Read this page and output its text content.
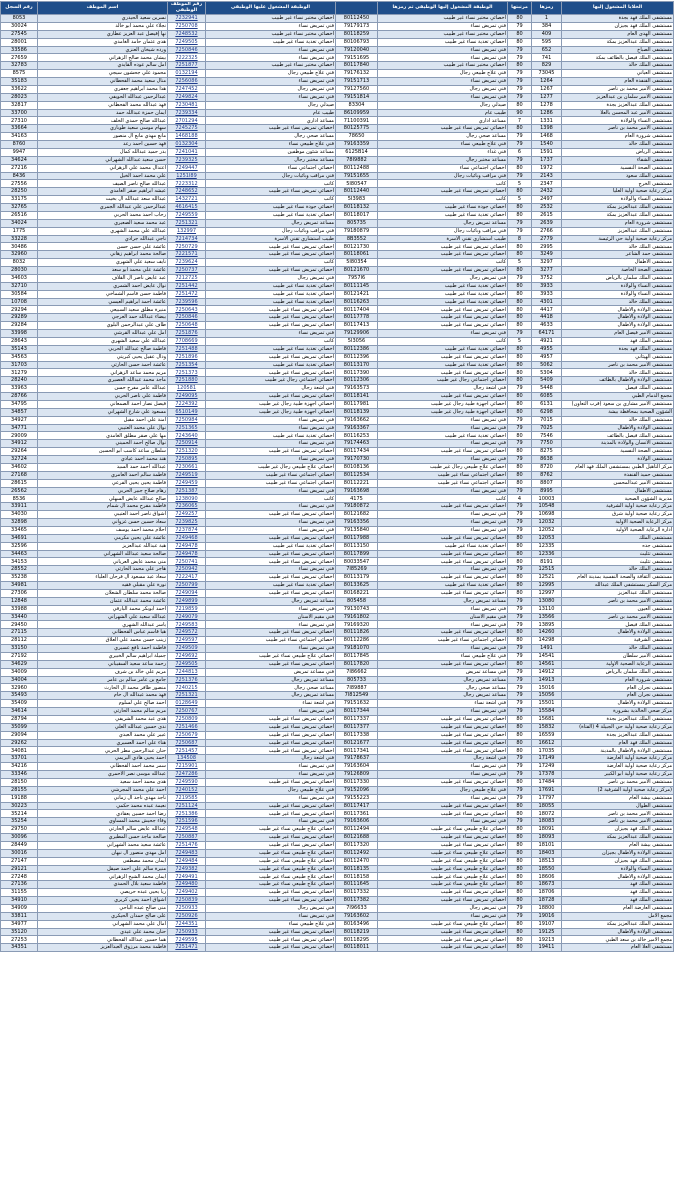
الخلايا المشغول إليها	رمزها	مرتبتها	الوظيفة المشغول إليها الوظيفي ثم رمزها		الوظيفة المشغول عليها الوظيفي	رقم الموظف الوظيفي	اسم الموظف	رقم السجل
مستشفى الملك فهد بجدة	1	80	اخصائي مختبر نساء غير طبيب	80112450	اخصائي مختبر نساء غير طبيب	7232941	نسرين سعيد الحيدري	8053
مستشفى الملك فهد بجيزان	384	79	فني تمريض نساء	79179173	فني تمريض نساء	7250708	نجلاء علي محمد ابو خالد	30024
مستشفى الهدى العام	409	80	اخصائي مختبر نساء غير طبيب	80118259	اخصائي مختبر نساء غير طبيب	7248532	نها إفيصل عبد العزيز عطاري	27545
مستشفى الملك عبدالعزيز بمكة	595	80	اخصائي تغذية نساء غير طبيب	80106793	اخصائي تغذية نساء غير طبيب	7249505	هدى عثمان حامد الغامدي	28001
مستشفى الصباخ	652	79	فني تمريض نساء	79120040	فني تمريض نساء	7250846	ورده شيخان العنزي	33586
مستشفى الملك فيصل بالطائف بمكة	741	79	فني تمريض نساء	79151695	فني تمريض نساء	7222325	بيشان محمد صالح الزهراني	27659
مستشفى الملك خالد	829	80	اخصائي مختبر نساء غير طبيب	80117840	اخصائي مختبر نساء غير طبيب	7251877	امل سالم عوده القايدي	32783
مستشفى العياني	73045	79	فني علاج طبيعي رجال	79176132	فني علاج طبيعي رجال	0132194	محمود علي جحشون سيجي	8575
مستشفى القنفذة العام	1264	79	فني تمريض نساء	79151713	فني تمريض نساء	7256086	منال سعيد محمد الفحطاني	35183
مستشفى الامير محمد بن ناصر	1267	79	فني تمريض رجال	79127560	فني تمريض رجال	7247452	هذا محمد ابراهيم جعفري	33622
مستشفى الامير سلمان بن عبدالعزيز	1277	79	فني تمريض نساء	79151814	فني تمريض نساء	7249824	عبدالرحمن عبدالله الحويفي	28023
مستشفى الملك عبدالعزيز بجدة	1278	80	صيدلي رجال	83304	صيدلي رجال	7230481	فهد عبدالله محمد الفحطاني	32817
مستشفى الأمير عبد المحسن بالعلا	1286	90	طبيب عام	86109959	طبيب عام	7239334	ايمان حمزة عبدالله حمد	33700
مستشفى النساء والولادة	1331	7	مساعد اداري	71100391	مساعد اداري	2701294	عبدالله صالح حمدي الخلف	27310
مستشفى الامير محمد بن ناصر	1398	80	اخصائي تمريض نساء غير طبيب	80125775	اخصائي تمريض نساء غير طبيب	7245275	سهام موسى سعيد طوباري	33664
مستشفى شرورة العام	1468	79	مساعد صحي رجال	78650	مساعد صحي رجال	1468188	مانع مهدي مانع ال منصور	34163
مستشفى الملك خالد	1540	79	فني علاج طبيعي نساء	79163359	فني علاج طبيعي نساء	0132304	فهد حسين احمد رعد	8760
مستشفى الرياض	1591	6	فني غذاء	6125B14	مساعد شئون موظفين	7241041	بدر حميد عبدالله كمال	9947
مستشفى الشفاء	1737	79	مساعد مختبر رجال	78I9882	مساعد مختبر رجال	7239325	حسن سعيد عبدالله الشهراني	34624
مستشفى الصحة النفسية	1972	80	اخصائي اجتماعي نساء	80112488	اخصائي اجتماعي نساء	7249447	اعتدال محمد علي الزهراني	27216
مستشفى الملك سعود	2143	79	فني مراقب وبائيات رجال	79151655	فني مراقب وبائيات رجال	1251I89	علي محمد احمد الخيل	8436
مستشفى الخرج	2347	5	كاتب	5I80547	كاتب	7223312	عبدالله صالح ناصر الصيف	27556
مركز رعاية صحية أولية العليا	2432	80	اخصائي تمريض نساء غير طبيب	80112440	اخصائي تمريض نساء غير طبيب	7248652	عيشه ابراهيم صقر الغامدي	28250
مستشفى النساء والولادة	2497	5	كاتب	5I3983	كاتب	1432721	عبدالله سعد عبدالله ال بخيت	33175
مستشفى الملك عبدالعزيز بمكة	2532	80	اخصائي جودة نساء غير طبيب	80118132	اخصائي جودة نساء غير طبيب	4616415	عبدالرحمن علي عبدالله الجمري	32765
مستشفى الملك عبدالعزيز بمكة	2615	80	اخصائي تغذية نساء غير طبيب	80118017	اخصائي تغذية نساء غير طبيب	7249559	رحاب احمد محمد الحربي	26516
مستشفى شرورة العام	2639	79	مساعد تمريض رجال	805735	مساعد تمريض رجال	7251321	عبد محمد سعيد الصعيري	34024
مستشفى الملك عبدالعزيز	2766	79	فني مراقب وبائيات رجال	79180879	فني مراقب وبائيات رجال	132997	عبدالله علي محمد الشهري	1775
مركز رعاية صحية اولية حي الرئيسة	2779	8	طبيب استشاري تقني الاسرة	8B3552	طبيب استشاري تقني الاسرة	7214734	ناجي عبدالله جرادي	33228
مستشفى الملك خالد	2995	80	اخصائي تمريض نساء غير طبيب	80121730	اخصائي تمريض نساء غير طبيب	7250729	عائشة علي حسن حسن	30486
مستشفى حمد الشاعر	3249	80	اخصائي تمريض نساء غير طبيب	80118061	اخصائي تمريض نساء غير طبيب	7221571	صالحة محمد ابراهيم زهاني	32960
مستشفى الاطفال	3297	5	كاتب	5I80354	كاتب	7239624	نايف سعيد علي الشهري	8032
مستشفى الصحة الخاصة	3277	80	اخصائي تمريض نساء غير طبيب	80121670	اخصائي تمريض نساء غير طبيب	7250737	عائشة علي محمد ابو سعد	28030
مستشفى الملك سلمان بالرياض	3752	79	فني تمريض رجال	7957I6	فني تمريض رجال	7212725	عبد عايض ناصر ال القلاف	34603
مستشفى النساء والولادة	3933	80	اخصائي تغذية نساء غير طبيب	80111145	اخصائي تغذية نساء غير طبيب	7251442	نوال عايض احمد الشمري	32710
مستشفى النساء والولادة	3933	80	اخصائي تغذية نساء غير طبيب	80121421	اخصائي تغذية نساء غير طبيب	7251472	فاطمة حسن قاسم الشماخي	30584
مستشفى الملك خالد	4301	80	اخصائي تغذية نساء غير طبيب	80116263	اخصائي تغذية نساء غير طبيب	7239596	عائشة احمد ابراهيم العيسي	10708
مستشفى الولادة والاطفال	4417	80	اخصائي تمريض نساء غير طبيب	80117404	اخصائي تمريض نساء غير طبيب	7250643	منيرة مطلق سعيد السبيعي	29294
مستشفى الولادة والاطفال	4418	80	اخصائي تمريض نساء غير طبيب	80117778	اخصائي تمريض نساء غير طبيب	7250846	بيضاء عبدالله حمد العرجي	29289
مستشفى الولادة والاطفال	4633	80	اخصائي تمريض نساء غير طبيب	80117413	اخصائي تمريض نساء غير طبيب	7250648	طاف علي عبدالرحمن البلوي	29284
مستشفى الامير فيصل العام	64171	79	فني تمريض نساء	79129906	فني تمريض نساء	7251876	امل علي عبدالله القرشي	33998
مستشفى الملك فهد	4921	5	كاتب	5I3056	كاتب	7708669	عبدالله علي سعيد الشهري	28643
مستشفى الملك فهد بجدة	4955	80	اخصائي تغذية نساء غير طبيب	80112386	اخصائي تغذية نساء غير طبيب	7251488	فاطمة صالح عبدالله الحربي	35143
مستشفى الهيئاني	4957	80	اخصائي تمريض نساء غير طبيب	80112396	اخصائي تمريض نساء غير طبيب	7251896	ودال عقيل يحيى كبريتي	34563
مستشفى الامير محمد بن ناصر	5062	80	اخصائي تغذية نساء غير طبيب	80113170	اخصائي تغذية نساء غير طبيب	7251354	عائشة احمد حسن الحارثي	31703
مستشفى الملك خالد	5304	80	اخصائي تمريض نساء غير طبيب	80117390	اخصائي تمريض نساء غير طبيب	7251373	مريم محمد ساعد الزهراني	31279
مستشفى الولادة والاطفال بالطائف	5409	80	اخصائي اجتماعي رجال غير طبيب	80112306	اخصائي اجتماعي رجال غير طبيب	7251880	ماجد محمد عبدالله العصيري	28240
مستشفى الملك فيصل	5448	79	فني اشعة رجال	79163573	فني اشعة رجال	120581	عبدالله عامر مفرح حسن	33963
مجمع الدمام الطبي	6085	80	اخصائي تمريض نساء غير طبيب	80118141	اخصائي تمريض نساء غير طبيب	7249095	فاطمة علي ناصر الحربي	28766
مستشفى الامير مشاري بن سعود (قرب التعاون)	6131	80	اخصائي اجهزة طبية رجال غير طبيب	80117981	اخصائي اجهزة طبية رجال غير طبيب	7224392	فيصل نصار احمد الصمعاني	34795
الشؤون الصحية بمحافظة بيشة	6298	80	اخصائي اجهزة طبية رجال غير طبيب	80118139	اخصائي اجهزة طبية رجال غير طبيب	6510149	مسعود علي شارع الشهراني	34857
مستشفى الملك خالد	7015	79	فني تمريض نساء	79163662	فني تمريض نساء	7250984	امنة علي احمد مقبل	34927
مستشفى الولادة والاطفال	7025	79	فني تمريض نساء	79163367	فني تمريض نساء	7251365	نوال علي محمد العتيبي	34771
مستشفى الملك فيصل بالطائف	7546	80	اخصائي تغذية نساء غير طبيب	80116253	اخصائي تغذية نساء غير طبيب	7243640	مها علي صقر مطلق الغامدي	29009
مستشفى الانسان والولادة بالمدينة	7750	79	فني تمريض نساء	79174463	فني تمريض نساء	7250914	نوال صالح احمد الحميني	34912
مستشفى الصحة النفسية	8275	80	اخصائي تمريض نساء غير طبيب	80117434	اخصائي تمريض نساء غير طبيب	7251320	سلطان ساعد كاسب ابو الحسين	29264
مستشفى الولادة	8638	79	فني تمريض نساء	79170730	فني تمريض نساء	7250895	هند محمد احمد عيادي	32724
مركز التاهيل الطبي بمستشفى الملك فهد العام	8720	80	اخصائي علاج طبيعي رجال غير طبيب	80108136	اخصائي علاج طبيعي رجال غير طبيب	7230661	عبدالله احمد حمد السيد	34602
مستشفى حميد القنفذة	8762	80	اخصائي اجتماعي نساء غير طبيب	80112534	اخصائي اجتماعي نساء غير طبيب	7249519	فاطمة سالم احمد العامري	27168
مستشفى الامير عبدالمحسن	8807	80	اخصائي اجتماعي نساء غير طبيب	80112221	اخصائي اجتماعي نساء غير طبيب	7249459	فاطمة يحيى يحيى الفرعي	28615
مستشفى الاطفال	8995	79	فني تمريض نساء	79163698	فني تمريض نساء	7251387	رهام صلاح جبير الحربي	26562
مديرية الشؤون الصحية	10003	4	كاتب	4175	كاتب	1238090	صالح عبدالله عايض السهلي	8536
مركز رعاية صحية اولية الشرفية	10548	79	اخصائي تمريض نساء غير طبيب	79180872	فني تمريض نساء	7236065	فاطمة مفرح محمد ال شمام	33911
مركز رعاية صحية اولية شرق	10698	79	فني تمريض نساء	80121682	اخصائي تمريض نساء غير طبيب	7249257	اشواق ناصر احمد العتيبي	34030
مركز الرعاية الصحية الاولية	12032	79	فني تمريض نساء	79163356	فني تمريض نساء	7239825	سعاد حسين حسن غزواني	32898
ادارة الرعاية الصحية الاولية	12052	79	فني تمريض نساء	79135840	فني تمريض نساء	7237874	احلام محمد احمد يوسف	33465
مستشفى الملك	12053	80	اخصائي تمريض نساء غير طبيب	80117988	اخصائي تمريض نساء غير طبيب	7249468	عائشة علي يحيى مكرمي	34691
مستشفى جده	12335	80	اخصائي تغذية نساء غير طبيب	80113150	اخصائي تغذية نساء غير طبيب	7249478	هبة عبدالله عبدالعزيز	32596
مستشفى تثليث	12336	80	اخصائي تمريض نساء غير طبيب	80117899	اخصائي تمريض نساء غير طبيب	7249478	صالحة سعيد عبدالله الشهراني	34463
مستشفى تثليث	8191	80	اخصائي تمريض نساء غير طبيب	80033547	اخصائي تمريض نساء غير طبيب	7250741	منى محمد عايض العرياني	34153
مستشفى الملك خالد	12515	79	فني تمريض نساء	7I85269	فني تمريض نساء	7250942	هاجر علي محمد الحارثي	28552
مستشفى الثقافة والصحة النفسية بمدينة العام	12521	80	اخصائي تمريض نساء غير طبيب	80113179	اخصائي تمريض نساء غير طبيب	7222417	سعاد عبد مسعود ال فرحان العلياء	35238
مركز السكر بمستشفى الملك عبدالله	12995	80	اخصائي تغذية نساء غير طبيب	80133625	اخصائي تغذية نساء غير طبيب	7250799	نورة علي مقبلي فقيه	34981
مستشفى الملك عبدالعزيز	12997	80	اخصائي تمريض نساء غير طبيب	80168221	اخصائي تمريض نساء غير طبيب	7249094	صالحة محمد سلطان الشعلان	27306
مستشفى الامير محمد بن ناصر	13080	79	مساعد تمريض رجال	805458	مساعد تمريض رجال	7249899	عائشة محمد عبدالله عثمان	12848
مستشفى العيون	13110	79	فني تمريض نساء	79130743	فني تمريض نساء	7219859	احمد ابوبكر محمد البارقي	33988
مستشفى الامير محمد بن ناصر	13566	79	فني مقيم الاسنان	79161802	فني مقيم الاسنان	7249079	عبدالله سعيد علي الشهراني	33440
مستشفى الملك فيصل	13895	79	فني تمريض نساء	79169320	فني تمريض نساء	7249583	ياسر عبدالله الشهري	29450
مستشفى الولادة والاطفال	14260	80	اخصائي تمريض نساء غير طبيب	80111826	اخصائي تمريض نساء غير طبيب	7249572	هيا قاسم عباس القحطاني	27115
مستشفى الشرقية	14298	80	اخصائي اجتماعي نساء غير طبيب	80112286	اخصائي اجتماعي نساء غير طبيب	7249597	زينب حسن محمد علي العلاق	28112
مستشفى الملك خالد	1491	79	فني تمريض نساء	79181070	فني تمريض نساء	7249509	فاطمة احمد نافع عسيري	33150
مستشفى الامير سلطان	14541	79	فني علاج طبيعي نساء	80117845	اخصائي علاج طبيعي نساء غير طبيب	7249692	جميلة ابراهيم سالم الخبيري	27192
مستشفى الرعاية الصحية الاولية	14561	80	اخصائي تمريض نساء غير طبيب	80117820	اخصائي تمريض نساء غير طبيب	7249505	رحمة ساعد سعيد السقيباني	34629
مستشفى الملك سلمان بالرياض	14912	79	فني مساعد تمريض	7I86662	فني مساعد تمريض	7244813	مريم علي خالد بن شرف	34009
مستشفى شرورة العام	14913	79	مساعد تمريض رجال	805733	مساعد تمريض رجال	7251376	جامع بن عامر سالم بن عامر	34004
مستشفى نجران العام	15016	79	مساعد صحي رجال	7I89887	مساعد صحي رجال	7240215	منصور ظافر محمد ال الحارث	32960
مستشفى نجران العام	15056	79	مساعد تمريض رجال	7I812549	مساعد تمريض رجال	7251321	فهد محمد عبدالله آل حام	35493
مستشفى الولادة والاطفال	15501	79	فني أشعة نساء	79151632	فني أشعة نساء	0128649	احمد صالح علي لسلوم	35409
مركز صحي الخالدية بشرورة	15584	79	فني تمريض نساء	80117344	فني تمريض نساء	7250767	مريم سالم محمد الحارثي	34614
مستشفى الملك عبدالعزيز بجدة	15681	80	اخصائي تمريض نساء غير طبيب	80117337	اخصائي تمريض نساء غير طبيب	7250809	هدى عبد محمد الشريفي	28794
مركز رعاية صحية اولية حي الجبيلة 4 (الفتاة)	15832	80	اخصائي تمريض نساء غير طبيب	80117377	اخصائي تمريض نساء غير طبيب	7251466	ندى حسين عبدالله العلي	35099
مستشفى الملك عبدالعزيز بجدة	16559	80	اخصائي تمريض نساء غير طبيب	80117338	اخصائي تمريض نساء غير طبيب	7250679	عبير علي محمد العبدي	29094
مستشفى الملك فهد العام	16612	80	اخصائي تمريض نساء غير طبيب	80121677	اخصائي تمريض نساء غير طبيب	7250687	هناء علي احمد العسيري	29262
مستشفى الولادة والاطفال بالمدينة	17035	80	اخصائي تمريض نساء غير طبيب	80117341	اخصائي تمريض نساء غير طبيب	7251457	حنان عبدالرحمن مطر الحربي	34081
مركز رعاية صحية اولية العارضة	17149	79	فني اشعة رجال	79178637	فني اشعة رجال	134508	احمد يحيى هادي اليريمي	33701
مركز رعاية صحية اولية العارضة	17249	79	فني تمريض نساء	79163604	فني تمريض نساء	7215901	سمر محمد احمد القحطاني	34216
مركز رعاية صحية اولية ابو الكبير	17378	79	فني تمريض نساء	79126809	فني تمريض نساء	7247286	عبدالله موسى نصر الاحمري	33346
مستشفى الامير محمد بن ناصر	17484	80	اخصائي تمريض نساء غير طبيب	80117330	اخصائي تمريض نساء غير طبيب	7249590	هدى محمد احمد سعيد	28150
(مركز رعاية صحية اولية الشرفية 2)	17691	79	فني علاج طبيعي رجال	79152096	فني علاج طبيعي رجال	7240152	احمد علي محمد المجرشي	28155
مستشفى بيشة العام	17797	79	فني تمريض نساء	79155223	فني تمريض نساء	7219585	ناجد مهدي ناجد ال زماني	19188
مستشفى الطوال	18055	80	اخصائي تمريض نساء غير طبيب	80117417	اخصائي تمريض نساء غير طبيب	7251124	نعيمة عبده محمد حكمي	30223
مستشفى الامير محمد بن ناصر	18072	80	اخصائي تمريض نساء غير طبيب	80117361	اخصائي تمريض نساء غير طبيب	7251386	رضا احمد حسين يعقادي	35214
مستشفى الامير محمد بن ناصر	18083	79	فني تمريض نساء	79163606	فني تمريض نساء	7251596	وفاء جحيش محمد المساوي	35254
مستشفى الملك فهد بجيزان	18091	80	اخصائي علاج طبيعي نساء غير طبيب	80112494	اخصائي علاج طبيعي نساء غير طبيب	7249548	عبدالله عايض سالم الحارثي	29750
مستشفى الملك عبدالعزيز بمكة	18093	80	اخصائي تمريض نساء غير طبيب	80121688	اخصائي تمريض نساء غير طبيب	7250887	صالحة ماجد حسن المطيري	30096
مستشفى بيشة العام	18101	80	اخصائي تمريض نساء غير طبيب	80117320	اخصائي تمريض نساء غير طبيب	7251476	عائشة سعيد محمد الشهراني	28449
مستشفى الولادة والاطفال بجيزان	18403	80	اخصائي علاج طبيعي نساء غير طبيب	80112492	اخصائي علاج طبيعي نساء غير طبيب	7249483	امل مهدي منصور ال نبهان	30016
مستشفى الملك فهد بجيزان	18513	80	اخصائي علاج طبيعي نساء غير طبيب	80112470	اخصائي علاج طبيعي نساء غير طبيب	7249484	ايمان محمد مصطفى	27147
مستشفى النساء والولادة	18550	80	اخصائي علاج طبيعي نساء غير طبيب	80118135	اخصائي علاج طبيعي نساء غير طبيب	7249382	منيرة سالم علي احمد صيقل	29121
مستشفى الولادة والاطفال	18606	80	اخصائي علاج طبيعي نساء غير طبيب	80118158	اخصائي علاج طبيعي نساء غير طبيب	7249491	ايمان محمد الشيخ الزهراني	27248
مستشفى الملك فهد	18673	80	اخصائي علاج طبيعي نساء غير طبيب	80111645	اخصائي علاج طبيعي نساء غير طبيب	7249480	فاطمة سعيد بلال الحمدي	27136
مستشفى الملك فهد	18706	80	اخصائي تمريض نساء غير طبيب	80117332	اخصائي تمريض نساء غير طبيب	7249402	ريا يحيى عبده حريصي	31155
مستشفى الملك فهد	18728	80	اخصائي تمريض نساء غير طبيب	80117382	اخصائي تمريض نساء غير طبيب	7250839	اشواق احمد يحيى كريري	34910
مستشفى العارضة العام	18800	79	فني تمريض رجال	7I96633	فني تمريض رجال	7250933	منى صالح عبده الباحي	34909
مجمع الامل	19016	79	فني تمريض نساء	79163602	فني تمريض نساء	7250926	على صالح حمدان الحيكري	33811
مستشفى الملك عبدالعزيز بمكة	19107	80	اخصائي علاج طبيعي نساء غير طبيب	80163496	فني علاج طبيعي نساء	7244351	امال علي محمد الشهراني	34977
مستشفى الولادة والاطفال	19125	80	اخصائي تمريض نساء غير طبيب	80118219	اخصائي تمريض نساء غير طبيب	7250933	حنان محمد علي عيدي	35120
مجمع الامير خالد بن سعد الطبي	19213	80	اخصائي تمريض نساء غير طبيب	80118295	اخصائي تمريض نساء غير طبيب	7249595	هما حسين عبدالله القحطاني	27253
مستشفى العلا العام	19411	80	اخصائي تمريض نساء غير طبيب	80118011	اخصائي تمريض نساء غير طبيب	7251471	فاطمة محمد مرزوق العبدالعزيز	34351
